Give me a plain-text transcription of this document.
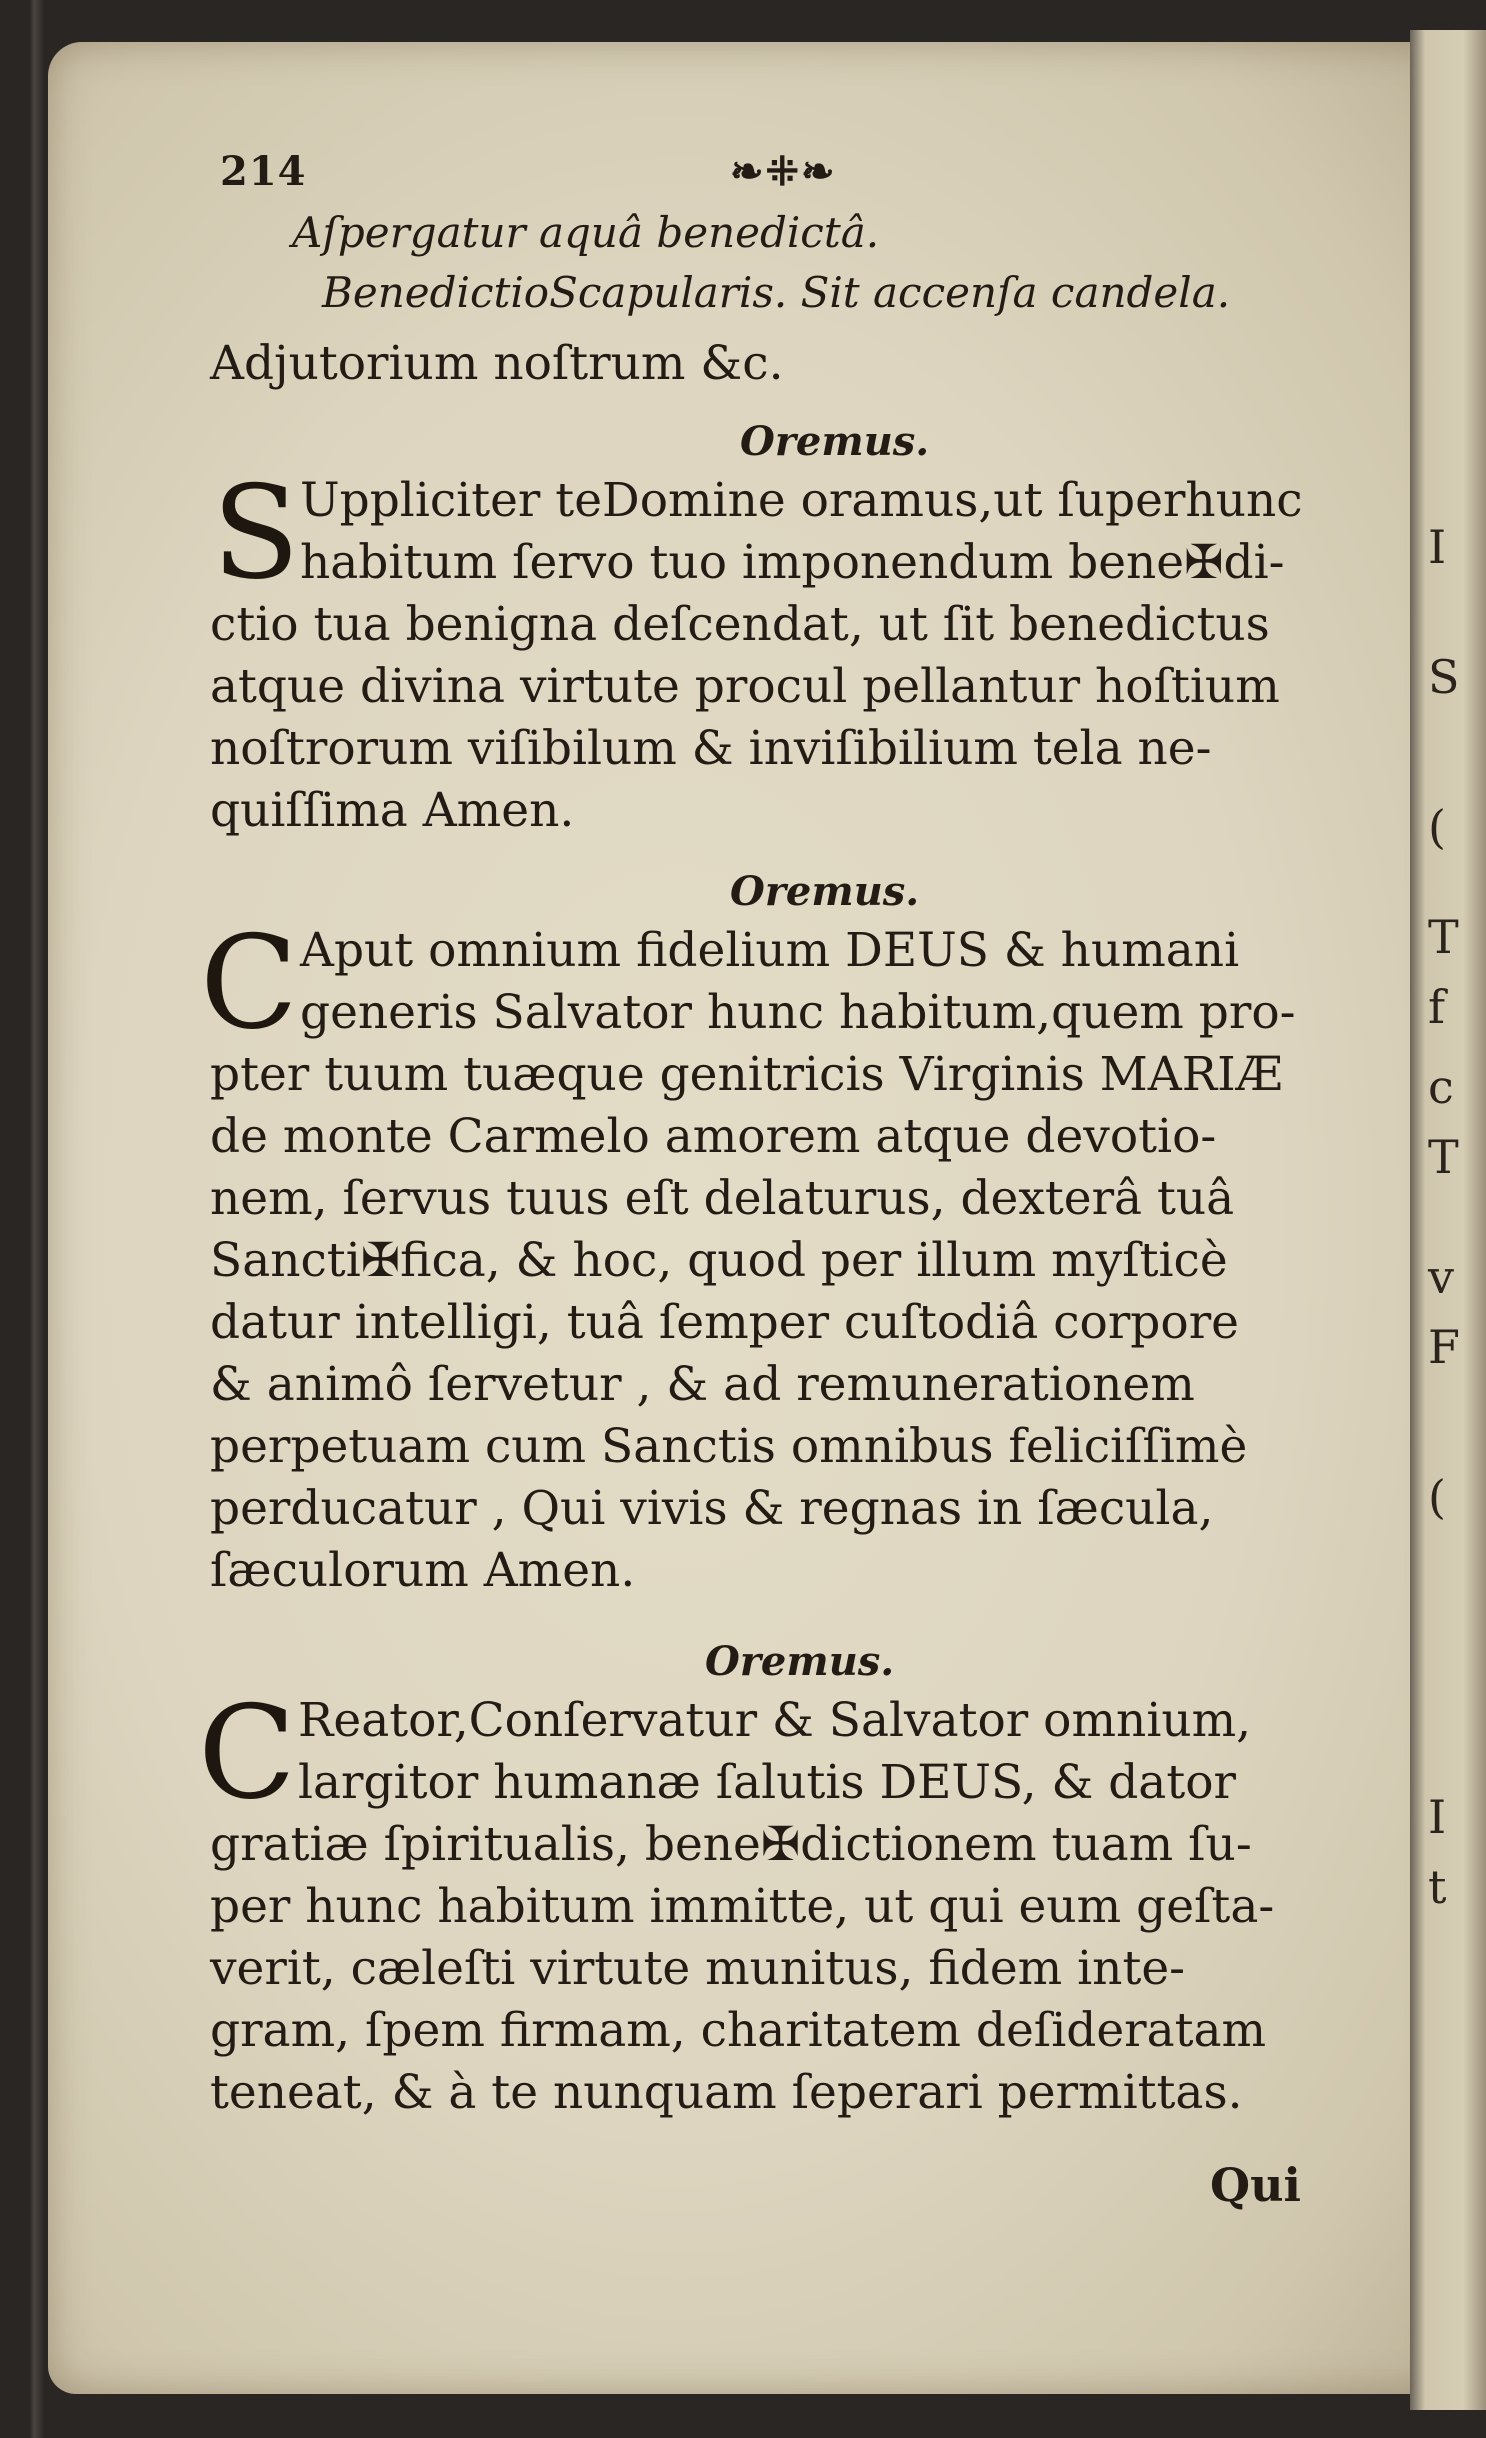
I
S
(
T
f
c
T
v
F
(
I
t
214	❧⁜❧
Aſpergatur aquâ benedictâ.
BenedictioScapularis. Sit accenſa candela.
Adjutorium noſtrum &c.
Oremus.
S Uppliciter teDomine oramus,ut ſuperhunc
habitum ſervo tuo imponendum bene✠di-
ctio tua benigna deſcendat, ut ſit benedictus
atque divina virtute procul pellantur hoſtium
noſtrorum viſibilum & inviſibilium tela ne-
quiſſima Amen.
Oremus.
C Aput omnium fidelium DEUS & humani
generis Salvator hunc habitum,quem pro-
pter tuum tuæque genitricis Virginis MARIÆ
de monte Carmelo amorem atque devotio-
nem, ſervus tuus eſt delaturus, dexterâ tuâ
Sancti✠fica, & hoc, quod per illum myſticè
datur intelligi, tuâ ſemper cuſtodiâ corpore
& animô ſervetur , & ad remunerationem
perpetuam cum Sanctis omnibus feliciſſimè
perducatur , Qui vivis & regnas in ſæcula,
ſæculorum Amen.
Oremus.
C Reator,Conſervatur & Salvator omnium,
largitor humanæ ſalutis DEUS, & dator
gratiæ ſpiritualis, bene✠dictionem tuam ſu-
per hunc habitum immitte, ut qui eum geſta-
verit, cæleſti virtute munitus, fidem inte-
gram, ſpem firmam, charitatem deſideratam
teneat, & à te nunquam ſeperari permittas.
Qui
